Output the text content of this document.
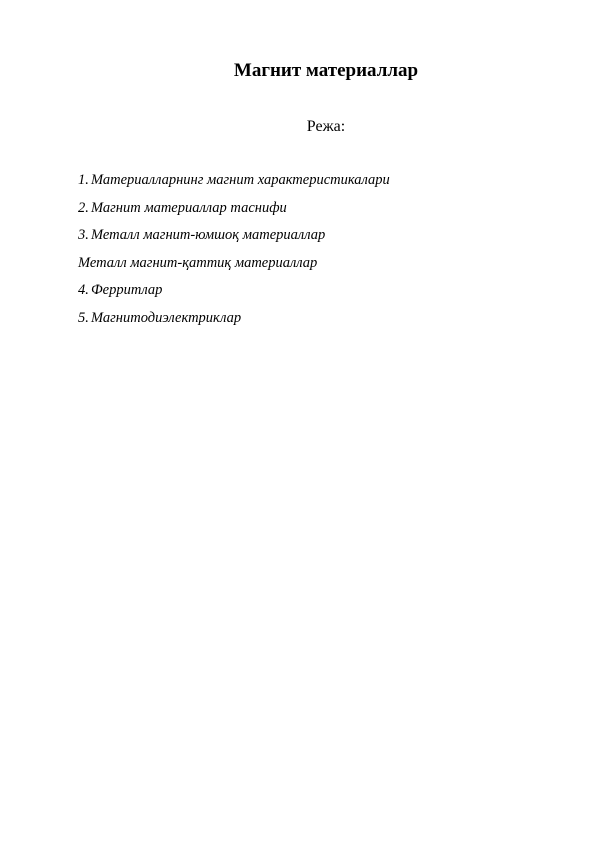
Магнит материаллар
Режа:
1. Материалларнинг магнит характеристикалари
2. Магнит материаллар таснифи
3. Металл магнит-юмшоқ материаллар
Металл магнит-қаттиқ материаллар
4. Ферритлар
5. Магнитодиэлектриклар
